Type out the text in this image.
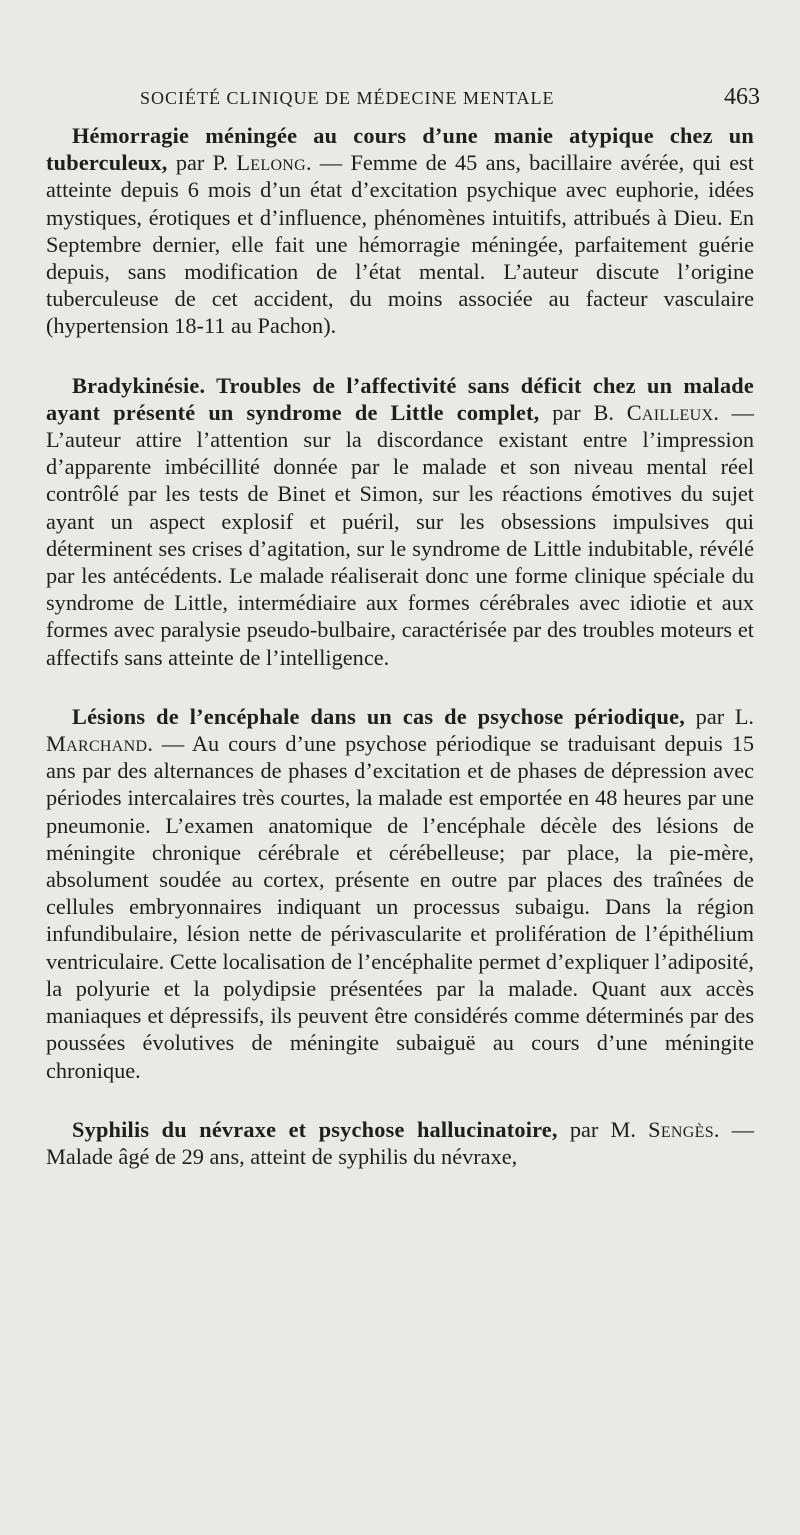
SOCIÉTÉ CLINIQUE DE MÉDECINE MENTALE	463

Hémorragie méningée au cours d’une manie atypique chez un tuberculeux, par P. Lelong. — Femme de 45 ans, bacillaire avérée, qui est atteinte depuis 6 mois d’un état d’excitation psychique avec euphorie, idées mystiques, érotiques et d’influence, phénomènes intuitifs, attribués à Dieu. En Septembre dernier, elle fait une hémorragie méningée, parfaitement guérie depuis, sans modification de l’état mental. L’auteur discute l’origine tuberculeuse de cet accident, du moins associée au facteur vasculaire (hypertension 18-11 au Pachon).

Bradykinésie. Troubles de l’affectivité sans déficit chez un malade ayant présenté un syndrome de Little complet, par B. Cailleux. — L’auteur attire l’attention sur la discordance existant entre l’impression d’apparente imbécillité donnée par le malade et son niveau mental réel contrôlé par les tests de Binet et Simon, sur les réactions émotives du sujet ayant un aspect explosif et puéril, sur les obsessions impulsives qui déterminent ses crises d’agitation, sur le syndrome de Little indubitable, révélé par les antécédents. Le malade réaliserait donc une forme clinique spéciale du syndrome de Little, intermédiaire aux formes cérébrales avec idiotie et aux formes avec paralysie pseudo-bulbaire, caractérisée par des troubles moteurs et affectifs sans atteinte de l’intelligence.

Lésions de l’encéphale dans un cas de psychose périodique, par L. Marchand. — Au cours d’une psychose périodique se traduisant depuis 15 ans par des alternances de phases d’excitation et de phases de dépression avec périodes intercalaires très courtes, la malade est emportée en 48 heures par une pneumonie. L’examen anatomique de l’encéphale décèle des lésions de méningite chronique cérébrale et cérébelleuse; par place, la pie-mère, absolument soudée au cortex, présente en outre par places des traînées de cellules embryonnaires indiquant un processus subaigu. Dans la région infundibulaire, lésion nette de périvascularite et prolifération de l’épithélium ventriculaire. Cette localisation de l’encéphalite permet d’expliquer l’adiposité, la polyurie et la polydipsie présentées par la malade. Quant aux accès maniaques et dépressifs, ils peuvent être considérés comme déterminés par des poussées évolutives de méningite subaiguë au cours d’une méningite chronique.

Syphilis du névraxe et psychose hallucinatoire, par M. Sengès. — Malade âgé de 29 ans, atteint de syphilis du névraxe,
